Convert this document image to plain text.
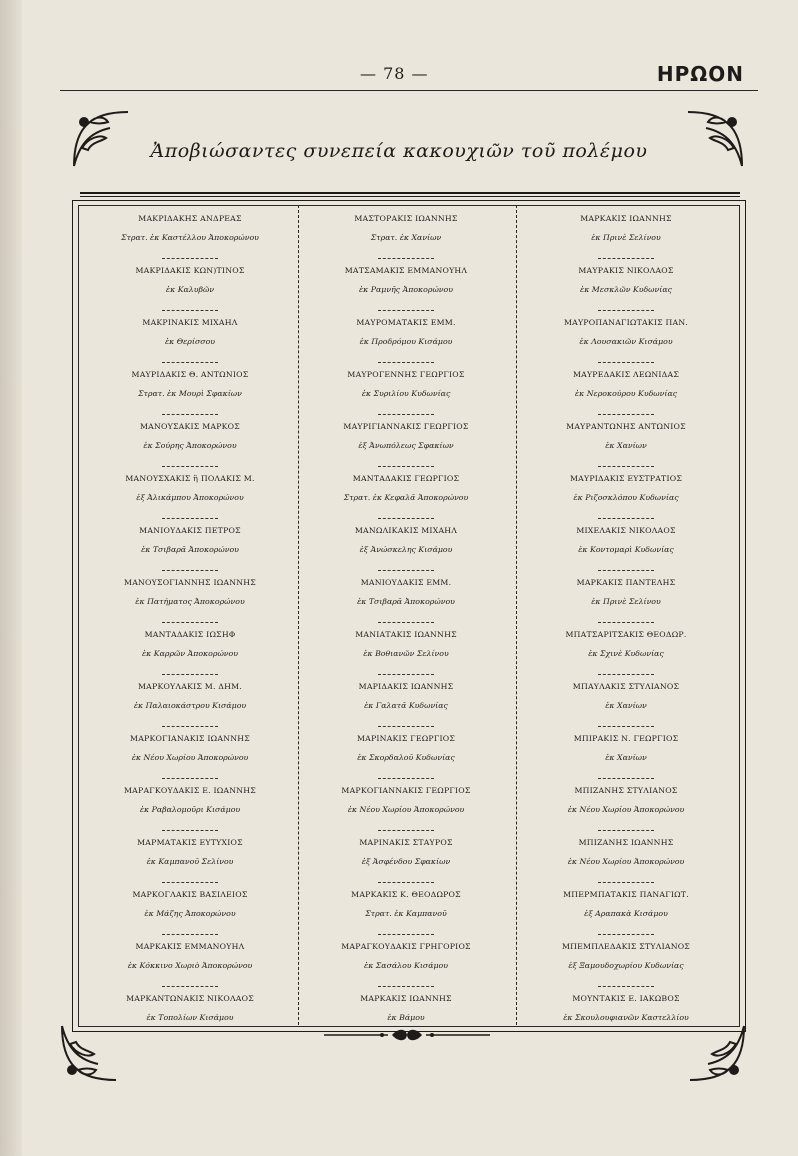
— 78 —	ΗΡΩΟΝ
Ἀποβιώσαντες συνεπεία κακουχιῶν τοῦ πολέμου
ΜΑΚΡΙΔΑΚΗΣ ΑΝΔΡΕΑΣ
Στρατ. ἐκ Καστέλλου Ἀποκορώνου
ΜΑΚΡΙΔΑΚΙΣ ΚΩΝ)ΤΙΝΟΣ
ἐκ Καλυβῶν
ΜΑΚΡΙΝΑΚΙΣ ΜΙΧΑΗΛ
ἐκ Θερίσσου
ΜΑΥΡΙΔΑΚΙΣ Θ. ΑΝΤΩΝΙΟΣ
Στρατ. ἐκ Μουρὶ Σφακίων
ΜΑΝΟΥΣΑΚΙΣ ΜΑΡΚΟΣ
ἐκ Σούρης Ἀποκορώνου
ΜΑΝΟΥΣΧΑΚΙΣ ἢ ΠΟΛΑΚΙΣ Μ.
ἐξ Ἀλικάμπου Ἀποκορώνου
ΜΑΝΙΟΥΔΑΚΙΣ ΠΕΤΡΟΣ
ἐκ Τσιβαρᾶ Ἀποκορώνου
ΜΑΝΟΥΣΟΓΙΑΝΝΗΣ ΙΩΑΝΝΗΣ
ἐκ Πατήματος Ἀποκορώνου
ΜΑΝΤΑΔΑΚΙΣ ΙΩΣΗΦ
ἐκ Καρρῶν Ἀποκορώνου
ΜΑΡΚΟΥΛΑΚΙΣ Μ. ΔΗΜ.
ἐκ Παλαιοκάστρου Κισάμου
ΜΑΡΚΟΓΙΑΝΑΚΙΣ ΙΩΑΝΝΗΣ
ἐκ Νέου Χωρίου Ἀποκορώνου
ΜΑΡΑΓΚΟΥΔΑΚΙΣ Ε. ΙΩΑΝΝΗΣ
ἐκ Ραβαλομοῦρι Κισάμου
ΜΑΡΜΑΤΑΚΙΣ ΕΥΤΥΧΙΟΣ
ἐκ Καμπανοῦ Σελίνου
ΜΑΡΚΟΓΛΑΚΙΣ ΒΑΣΙΛΕΙΟΣ
ἐκ Μάζης Ἀποκορώνου
ΜΑΡΚΑΚΙΣ ΕΜΜΑΝΟΥΗΛ
ἐκ Κόκκινο Χωριὸ Ἀποκορώνου
ΜΑΡΚΑΝΤΩΝΑΚΙΣ ΝΙΚΟΛΑΟΣ
ἐκ Τοπολίων Κισάμου
ΜΑΣΤΟΡΑΚΙΣ ΙΩΑΝΝΗΣ
Στρατ. ἐκ Χανίων
ΜΑΤΣΑΜΑΚΙΣ ΕΜΜΑΝΟΥΗΛ
ἐκ Ραμνῆς Ἀποκορώνου
ΜΑΥΡΟΜΑΤΑΚΙΣ ΕΜΜ.
ἐκ Προδρόμου Κισάμου
ΜΑΥΡΟΓΕΝΝΗΣ ΓΕΩΡΓΙΟΣ
ἐκ Συριλίου Κυδωνίας
ΜΑΥΡΙΓΙΑΝΝΑΚΙΣ ΓΕΩΡΓΙΟΣ
ἐξ Ἀνωπόλεως Σφακίων
ΜΑΝΤΑΔΑΚΙΣ ΓΕΩΡΓΙΟΣ
Στρατ. ἐκ Κεφαλᾶ Ἀποκορώνου
ΜΑΝΩΛΙΚΑΚΙΣ ΜΙΧΑΗΛ
ἐξ Ἀνώσκελης Κισάμου
ΜΑΝΙΟΥΔΑΚΙΣ ΕΜΜ.
ἐκ Τσιβαρᾶ Ἀποκορώνου
ΜΑΝΙΑΤΑΚΙΣ ΙΩΑΝΝΗΣ
ἐκ Βοθιανῶν Σελίνου
ΜΑΡΙΔΑΚΙΣ ΙΩΑΝΝΗΣ
ἐκ Γαλατᾶ Κυδωνίας
ΜΑΡΙΝΑΚΙΣ ΓΕΩΡΓΙΟΣ
ἐκ Σκορδαλοῦ Κυδωνίας
ΜΑΡΚΟΓΙΑΝΝΑΚΙΣ ΓΕΩΡΓΙΟΣ
ἐκ Νέου Χωρίου Ἀποκορώνου
ΜΑΡΙΝΑΚΙΣ ΣΤΑΥΡΟΣ
ἐξ Ἀσφένδου Σφακίων
ΜΑΡΚΑΚΙΣ Κ. ΘΕΟΔΩΡΟΣ
Στρατ. ἐκ Καμπανοῦ
ΜΑΡΑΓΚΟΥΔΑΚΙΣ ΓΡΗΓΟΡΙΟΣ
ἐκ Σασάλου Κισάμου
ΜΑΡΚΑΚΙΣ ΙΩΑΝΝΗΣ
ἐκ Βάμου
ΜΑΡΚΑΚΙΣ ΙΩΑΝΝΗΣ
ἐκ Πρινὲ Σελίνου
ΜΑΥΡΑΚΙΣ ΝΙΚΟΛΑΟΣ
ἐκ Μεσκλῶν Κυδωνίας
ΜΑΥΡΟΠΑΝΑΓΙΩΤΑΚΙΣ ΠΑΝ.
ἐκ Λουσακιῶν Κισάμου
ΜΑΥΡΕΔΑΚΙΣ ΛΕΩΝΙΔΑΣ
ἐκ Νεροκούρου Κυδωνίας
ΜΑΥΡΑΝΤΩΝΗΣ ΑΝΤΩΝΙΟΣ
ἐκ Χανίων
ΜΑΥΡΙΔΑΚΙΣ ΕΥΣΤΡΑΤΙΟΣ
ἐκ Ριζοσκλόπου Κυδωνίας
ΜΙΧΕΛΑΚΙΣ ΝΙΚΟΛΑΟΣ
ἐκ Κοντομαρὶ Κυδωνίας
ΜΑΡΚΑΚΙΣ ΠΑΝΤΕΛΗΣ
ἐκ Πρινὲ Σελίνου
ΜΠΑΤΣΑΡΙΤΣΑΚΙΣ ΘΕΟΔΩΡ.
ἐκ Σχινὲ Κυδωνίας
ΜΠΑΥΛΑΚΙΣ ΣΤΥΛΙΑΝΟΣ
ἐκ Χανίων
ΜΠΙΡΑΚΙΣ Ν. ΓΕΩΡΓΙΟΣ
ἐκ Χανίων
ΜΠΙΖΑΝΗΣ ΣΤΥΛΙΑΝΟΣ
ἐκ Νέου Χωρίου Ἀποκορώνου
ΜΠΙΖΑΝΗΣ ΙΩΑΝΝΗΣ
ἐκ Νέου Χωρίου Ἀποκορώνου
ΜΠΕΡΜΠΑΤΑΚΙΣ ΠΑΝΑΓΙΩΤ.
ἐξ Αραπακὰ Κισάμου
ΜΠΕΜΠΛΕΔΑΚΙΣ ΣΤΥΛΙΑΝΟΣ
ἐξ Ξαμουδοχωρίου Κυδωνίας
ΜΟΥΝΤΑΚΙΣ Ε. ΙΑΚΩΒΟΣ
ἐκ Σκουλουφιανῶν Καστελλίου
